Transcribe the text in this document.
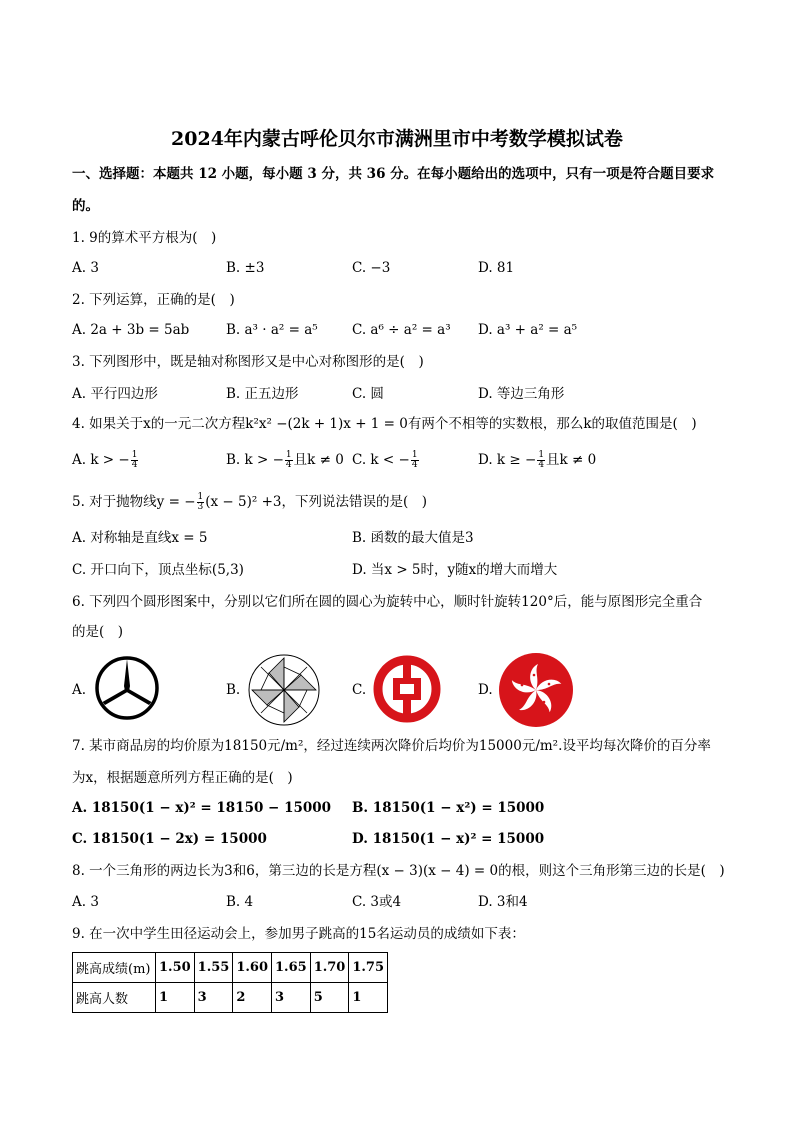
2024年内蒙古呼伦贝尔市满洲里市中考数学模拟试卷
一、选择题：本题共 12 小题，每小题 3 分，共 36 分。在每小题给出的选项中，只有一项是符合题目要求
的。
1. 9的算术平方根为(　)
A. 3	B. ±3	C. −3	D. 81
2. 下列运算，正确的是(　)
A. 2a + 3b = 5ab	B. a³ · a² = a⁵	C. a⁶ ÷ a² = a³ D. a³ + a² = a⁵
3. 下列图形中，既是轴对称图形又是中心对称图形的是(　)
A. 平行四边形	B. 正五边形	C. 圆	D. 等边三角形
4. 如果关于x的一元二次方程k²x² −(2k + 1)x + 1 = 0有两个不相等的实数根，那么k的取值范围是(　)
A. k > − $\frac{1}{4}$	B. k > − $\frac{1}{4}$ 且k ≠ 0 C. k < − $\frac{1}{4}$	D. k ≥ − $\frac{1}{4}$ 且k ≠ 0
5. 对于抛物线y = − $\frac{1}{3} (x - 5)^2 +3$，下列说法错误的是(　)
A. 对称轴是直线x = 5	B. 函数的最大值是3
C. 开口向下，顶点坐标(5,3)	D. 当x > 5时，y随x的增大而增大
6. 下列四个圆形图案中，分别以它们所在圆的圆心为旋转中心，顺时针旋转120°后，能与原图形完全重合
的是(　)
A.	B.	C.	D.
7. 某市商品房的均价原为18150元/m²，经过连续两次降价后均价为15000元/m².设平均每次降价的百分率
为x，根据题意所列方程正确的是(　)
A. 18150(1 − x)² = 18150 − 15000 B. 18150(1 − x²) = 15000
C. 18150(1 − 2x) = 15000	D. 18150(1 − x)² = 15000
8. 一个三角形的两边长为3和6，第三边的长是方程(x − 3)(x − 4) = 0的根，则这个三角形第三边的长是(　)
A. 3	B. 4	C. 3或4	D. 3和4
9. 在一次中学生田径运动会上，参加男子跳高的15名运动员的成绩如下表：
跳高成绩(m)	1.50	1.55	1.60	1.65	1.70	1.75
跳高人数	1	3	2	3	5	1
